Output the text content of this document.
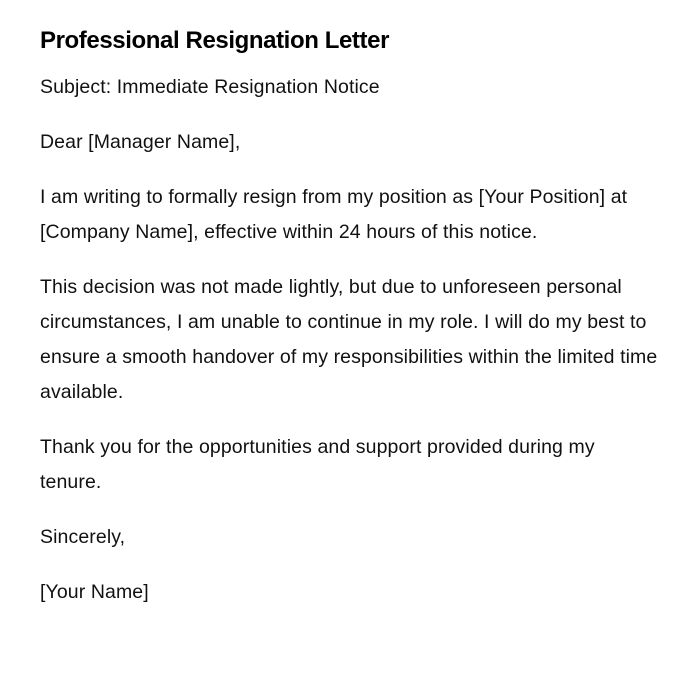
Professional Resignation Letter

Subject: Immediate Resignation Notice

Dear [Manager Name],

I am writing to formally resign from my position as [Your Position] at [Company Name], effective within 24 hours of this notice.

This decision was not made lightly, but due to unforeseen personal circumstances, I am unable to continue in my role. I will do my best to ensure a smooth handover of my responsibilities within the limited time available.

Thank you for the opportunities and support provided during my tenure.

Sincerely,

[Your Name]
